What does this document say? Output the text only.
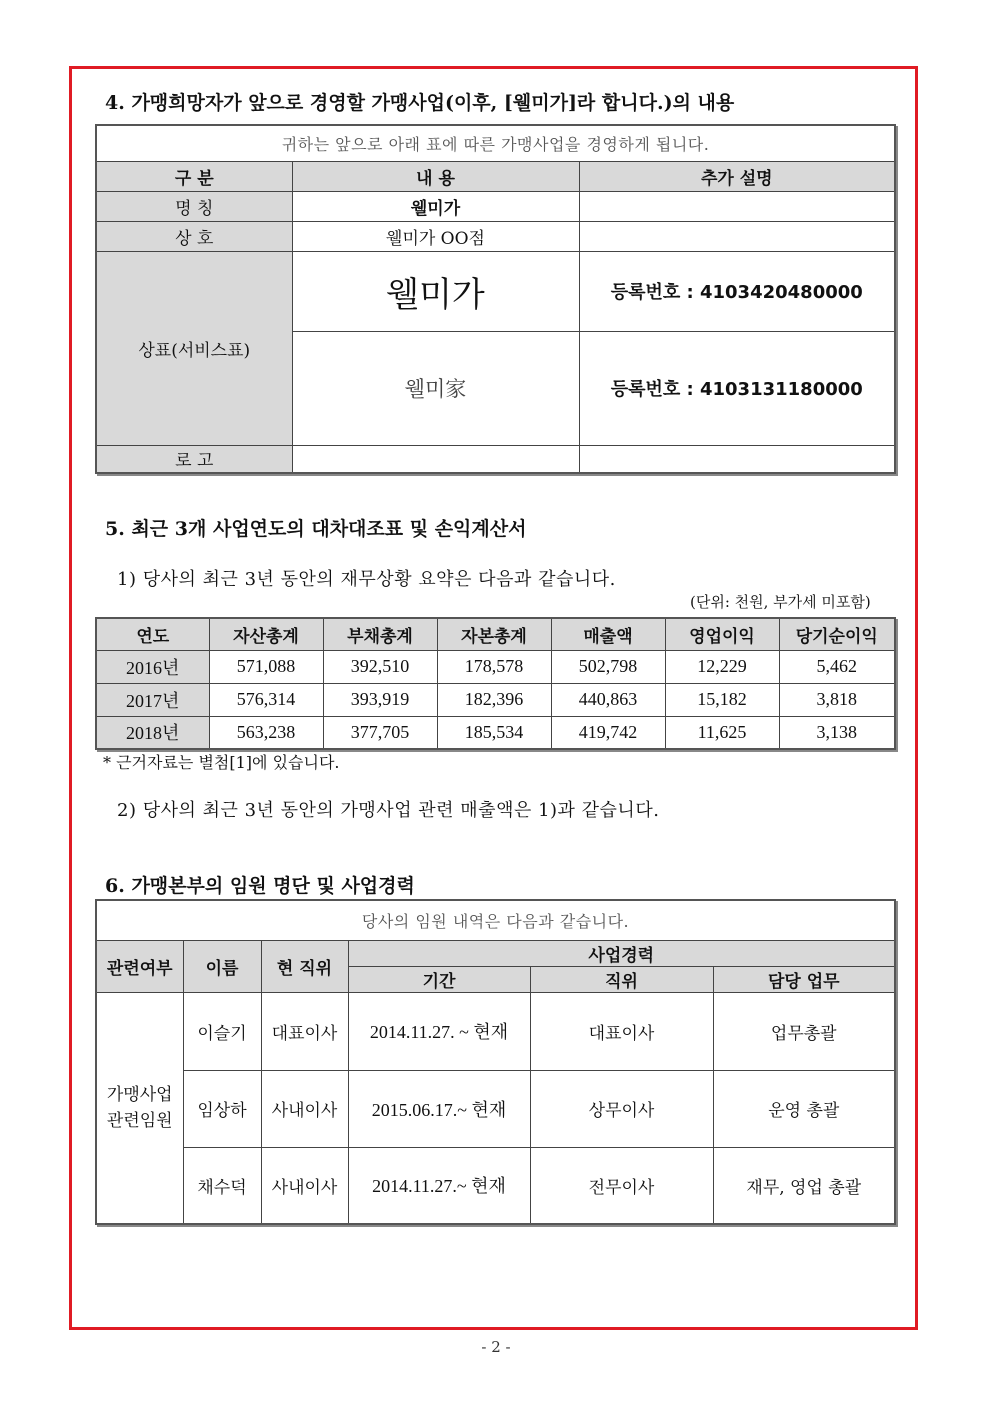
4. 가맹희망자가 앞으로 경영할 가맹사업(이후, [웰미가]라 합니다.)의 내용
귀하는 앞으로 아래 표에 따른 가맹사업을 경영하게 됩니다.		
구 분	내 용	추가 설명
명 칭	웰미가	
상 호	웰미가 OO점	
상표(서비스표)	웰미가	등록번호 : 4103420480000
	웰미家	등록번호 : 4103131180000
로 고		
5. 최근 3개 사업연도의 대차대조표 및 손익계산서
1) 당사의 최근 3년 동안의 재무상황 요약은 다음과 같습니다.
(단위: 천원, 부가세 미포함)
연도	자산총계	부채총계	자본총계	매출액	영업이익	당기순이익
2016년	571,088	392,510	178,578	502,798	12,229	5,462
2017년	576,314	393,919	182,396	440,863	15,182	3,818
2018년	563,238	377,705	185,534	419,742	11,625	3,138
* 근거자료는 별첨[1]에 있습니다.
2) 당사의 최근 3년 동안의 가맹사업 관련 매출액은 1)과 같습니다.
6. 가맹본부의 임원 명단 및 사업경력
당사의 임원 내역은 다음과 같습니다.					
관련여부	이름	현 직위	사업경력		
			기간	직위	담당 업무

가맹사업
관련임원	이슬기	대표이사	2014.11.27. ~ 현재	대표이사	업무총괄
	임상하	사내이사	2015.06.17.~ 현재	상무이사	운영 총괄
	채수덕	사내이사	2014.11.27.~ 현재	전무이사	재무, 영업 총괄
- 2 -
